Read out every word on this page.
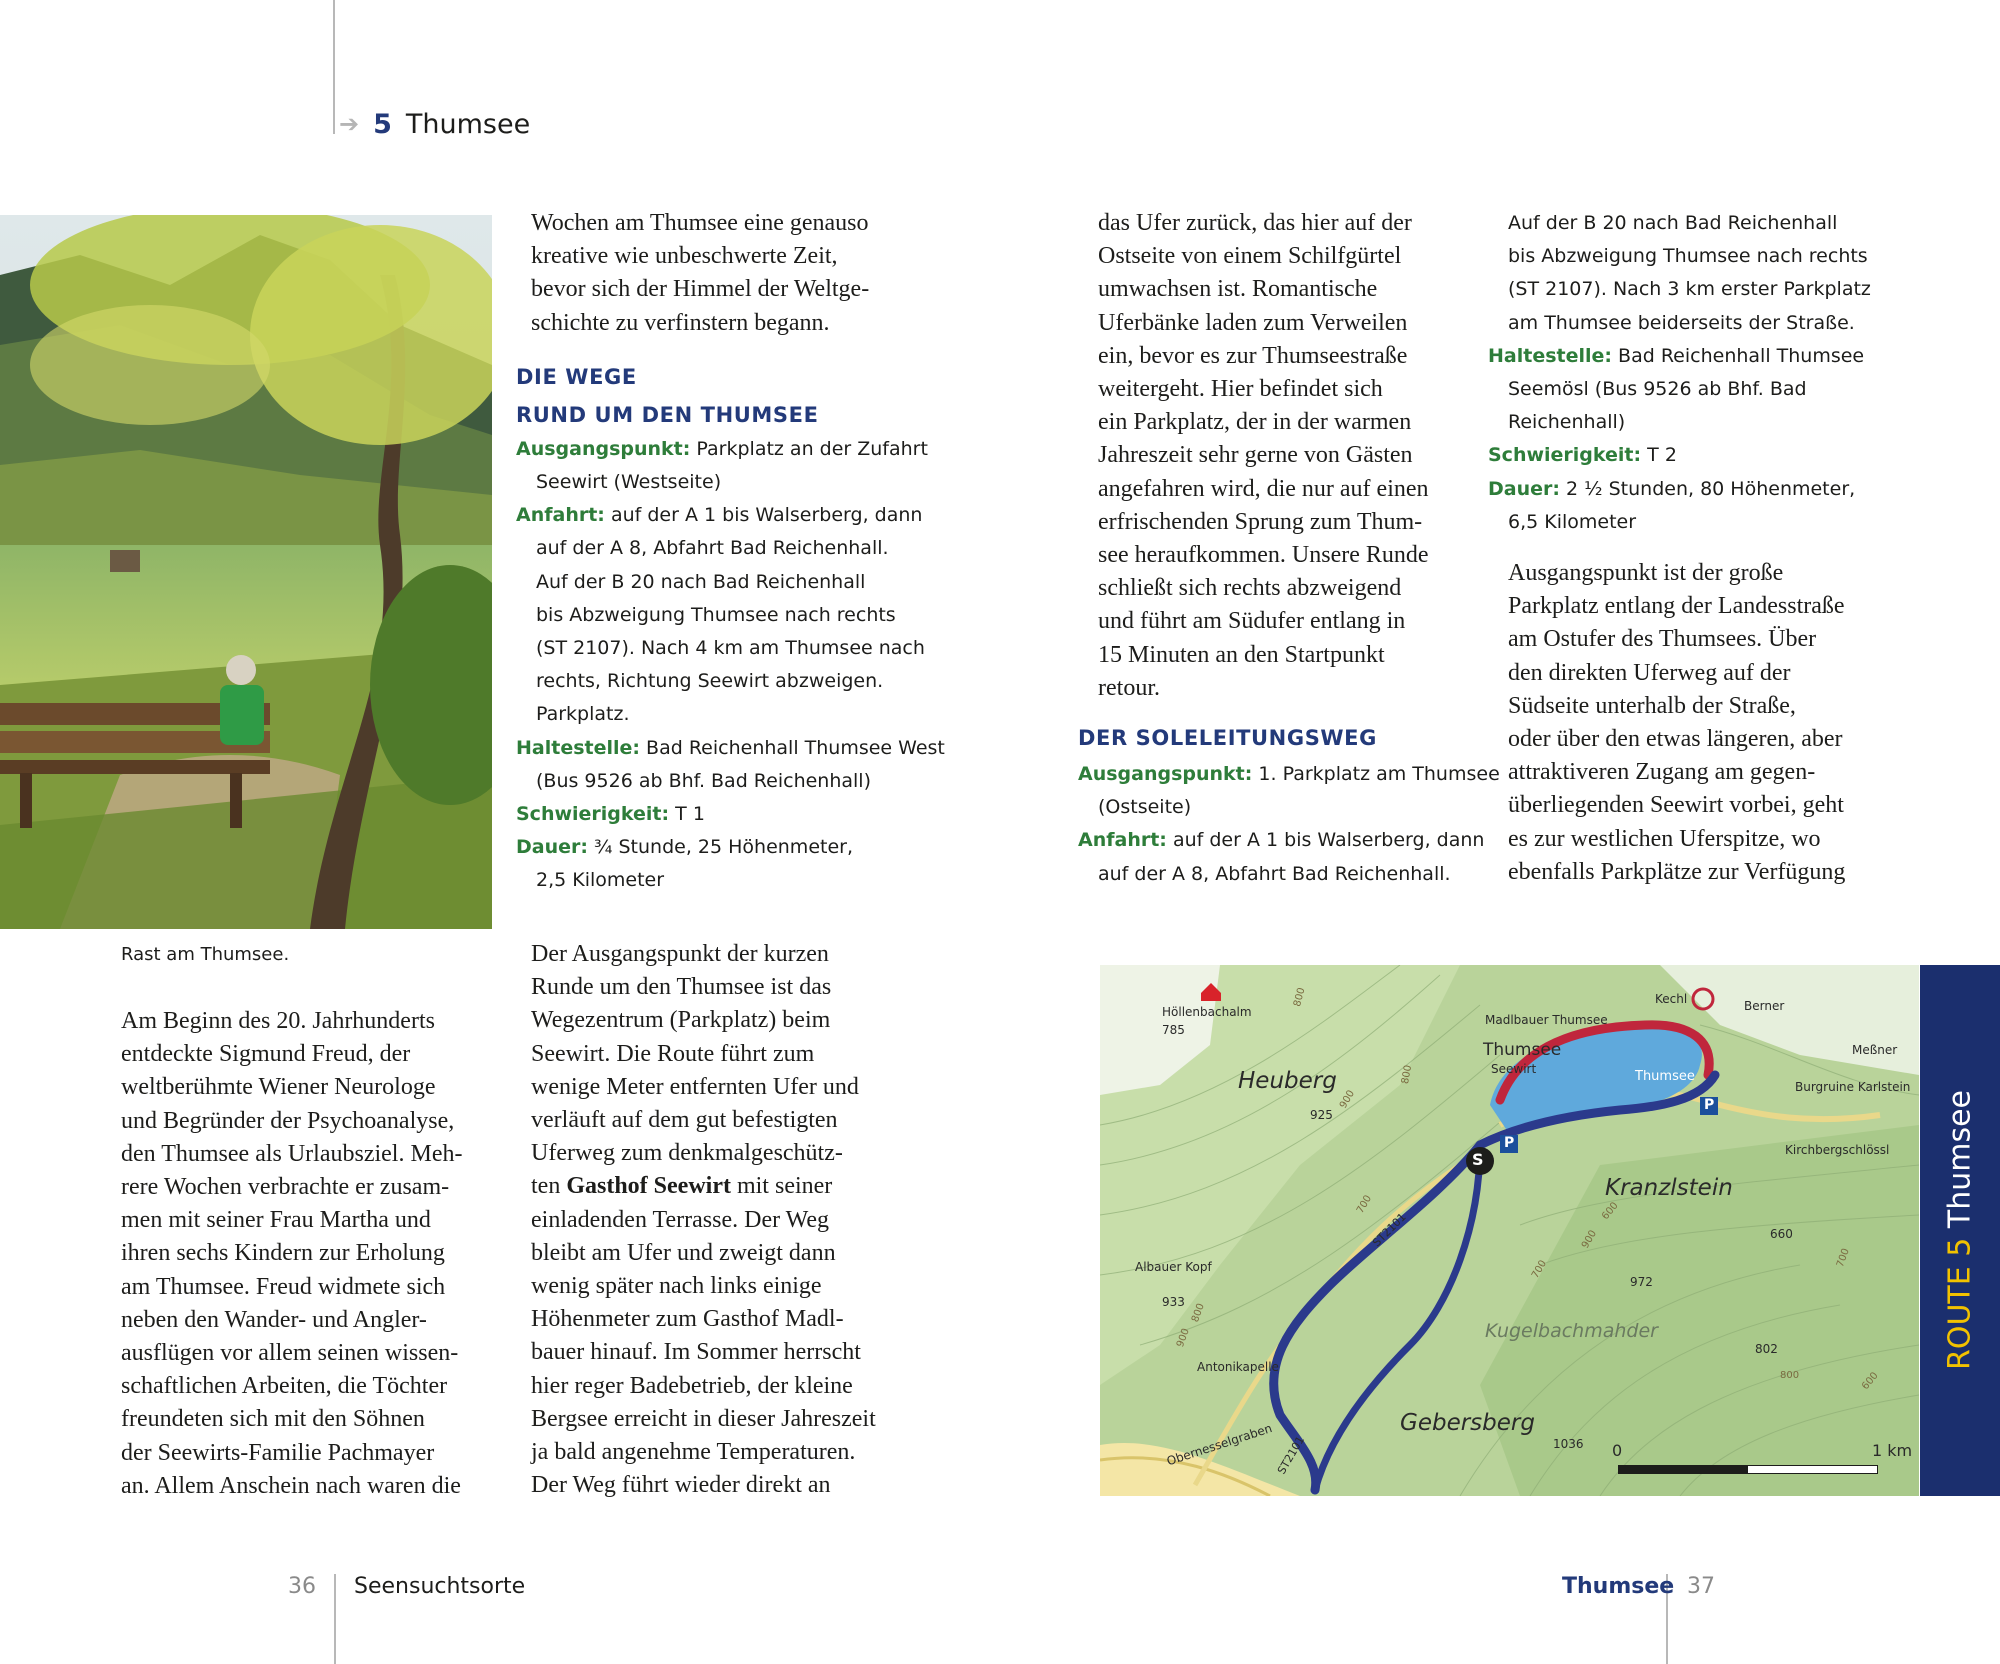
➔ 5 Thumsee
Rast am Thumsee.

Am Beginn des 20. Jahrhunderts

entdeckte Sigmund Freud, der

weltberühmte Wiener Neurologe

und Begründer der Psychoanalyse,

den Thumsee als Urlaubsziel. Meh-

rere Wochen verbrachte er zusam-

men mit seiner Frau Martha und

ihren sechs Kindern zur Erholung

am Thumsee. Freud widmete sich

neben den Wander- und Angler-

ausflügen vor allem seinen wissen-

schaftlichen Arbeiten, die Töchter

freundeten sich mit den Söhnen

der Seewirts-Familie Pachmayer

an. Allem Anschein nach waren die

Wochen am Thumsee eine genauso

kreative wie unbeschwerte Zeit,

bevor sich der Himmel der Weltge-

schichte zu verfinstern begann.

DIE WEGE
RUND UM DEN THUMSEE

Ausgangspunkt: Parkplatz an der Zufahrt

Seewirt (Westseite)

Anfahrt: auf der A 1 bis Walserberg, dann

auf der A 8, Abfahrt Bad Reichenhall.

Auf der B 20 nach Bad Reichenhall

bis Abzweigung Thumsee nach rechts

(ST 2107). Nach 4 km am Thumsee nach

rechts, Richtung Seewirt abzweigen.

Parkplatz.

Haltestelle: Bad Reichenhall Thumsee West

(Bus 9526 ab Bhf. Bad Reichenhall)

Schwierigkeit: T 1

Dauer: ¾ Stunde, 25 Höhenmeter,

2,5 Kilometer

Der Ausgangspunkt der kurzen

Runde um den Thumsee ist das

Wegezentrum (Parkplatz) beim

Seewirt. Die Route führt zum

wenige Meter entfernten Ufer und

verläuft auf dem gut befestigten

Uferweg zum denkmalgeschütz-

ten Gasthof Seewirt mit seiner

einladenden Terrasse. Der Weg

bleibt am Ufer und zweigt dann

wenig später nach links einige

Höhenmeter zum Gasthof Madl-

bauer hinauf. Im Sommer herrscht

hier reger Badebetrieb, der kleine

Bergsee erreicht in dieser Jahreszeit

ja bald angenehme Temperaturen.

Der Weg führt wieder direkt an

das Ufer zurück, das hier auf der

Ostseite von einem Schilfgürtel

umwachsen ist. Romantische

Uferbänke laden zum Verweilen

ein, bevor es zur Thumseestraße

weitergeht. Hier befindet sich

ein Parkplatz, der in der warmen

Jahreszeit sehr gerne von Gästen

angefahren wird, die nur auf einen

erfrischenden Sprung zum Thum-

see heraufkommen. Unsere Runde

schließt sich rechts abzweigend

und führt am Südufer entlang in

15 Minuten an den Startpunkt

retour.

DER SOLELEITUNGSWEG

Ausgangspunkt: 1. Parkplatz am Thumsee

(Ostseite)

Anfahrt: auf der A 1 bis Walserberg, dann

auf der A 8, Abfahrt Bad Reichenhall.

Auf der B 20 nach Bad Reichenhall

bis Abzweigung Thumsee nach rechts

(ST 2107). Nach 3 km erster Parkplatz

am Thumsee beiderseits der Straße.

Haltestelle: Bad Reichenhall Thumsee

Seemösl (Bus 9526 ab Bhf. Bad

Reichenhall)

Schwierigkeit: T 2

Dauer: 2 ½ Stunden, 80 Höhenmeter,

6,5 Kilometer

Ausgangspunkt ist der große

Parkplatz entlang der Landesstraße

am Ostufer des Thumsees. Über

den direkten Uferweg auf der

Südseite unterhalb der Straße,

oder über den etwas längeren, aber

attraktiveren Zugang am gegen-

überliegenden Seewirt vorbei, geht

es zur westlichen Uferspitze, wo

ebenfalls Parkplätze zur Verfügung

Heuberg
Kranzlstein
Gebersberg
Kugelbachmahder
Thumsee
Thumsee
Seewirt
Madlbauer Thumsee
Kechl	Berner
Meßner
Burgruine Karlstein
Kirchbergschlössl
Höllenbachalm
Albauer Kopf
Antonikapelle
Obernesselgraben
ST2101
ST2101
S
P
P
785
925
933
972
660
802
1036
800
900
800
700
800
900
700
900
600
800
700
600
0	1 km
ROUTE 5 Thumsee
36 Seensuchtsorte	Thumsee 37
